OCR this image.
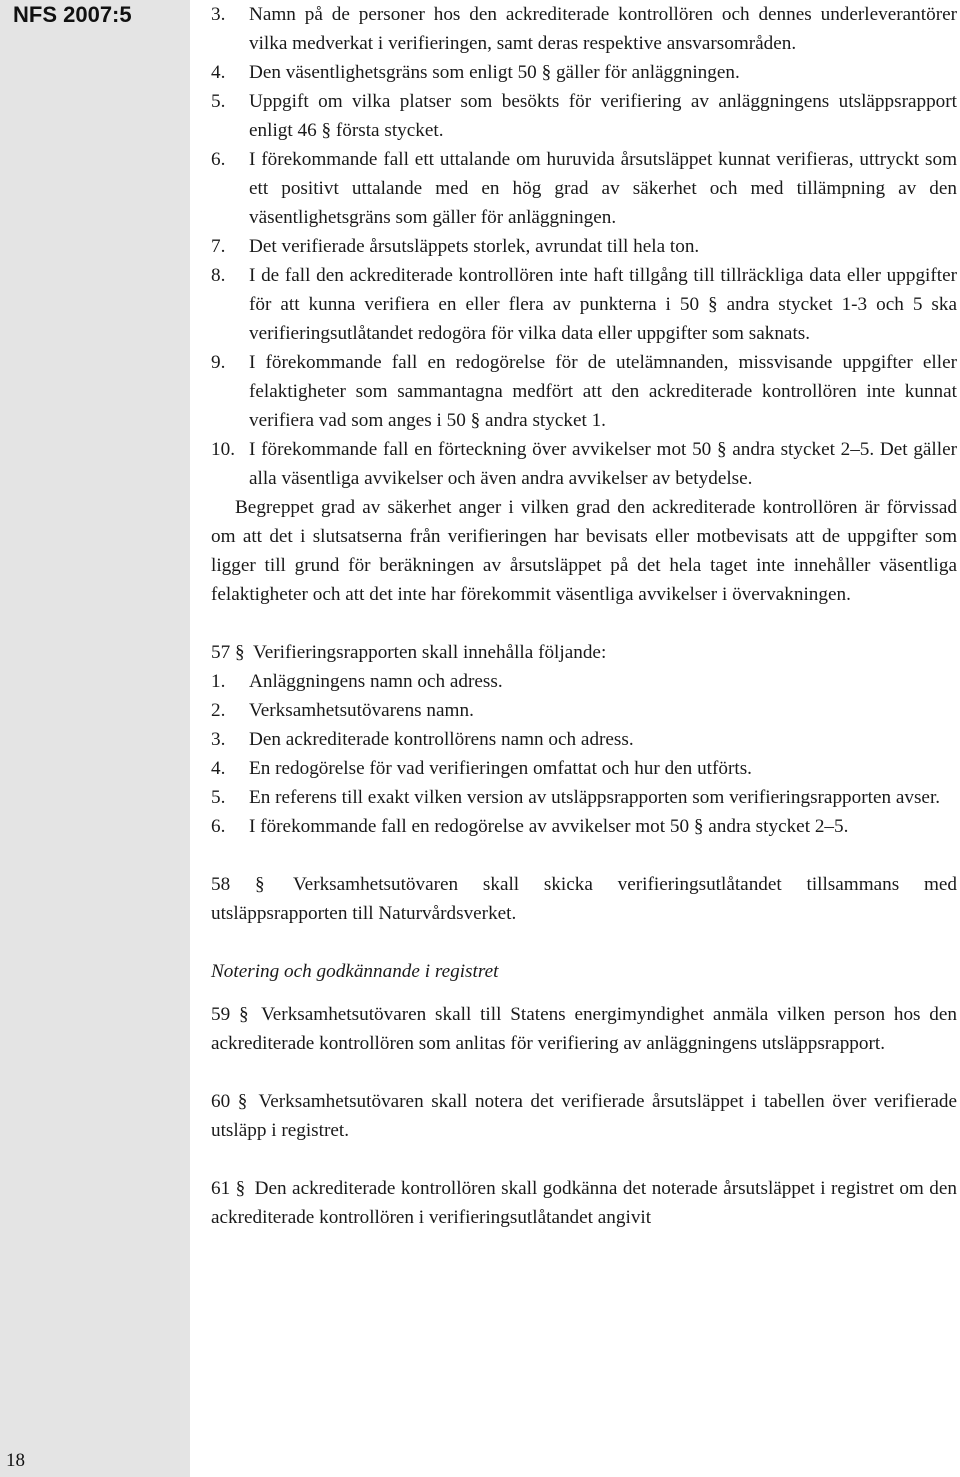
NFS 2007:5
18
3. Namn på de personer hos den ackrediterade kontrollören och dennes underleverantörer vilka medverkat i verifieringen, samt deras respektive ansvarsområden.
4. Den väsentlighetsgräns som enligt 50 § gäller för anläggningen.
5. Uppgift om vilka platser som besökts för verifiering av anläggningens utsläppsrapport enligt 46 § första stycket.
6. I förekommande fall ett uttalande om huruvida årsutsläppet kunnat verifieras, uttryckt som ett positivt uttalande med en hög grad av säkerhet och med tillämpning av den väsentlighetsgräns som gäller för anläggningen.
7. Det verifierade årsutsläppets storlek, avrundat till hela ton.
8. I de fall den ackrediterade kontrollören inte haft tillgång till tillräckliga data eller uppgifter för att kunna verifiera en eller flera av punkterna i 50 § andra stycket 1-3 och 5 ska verifieringsutlåtandet redogöra för vilka data eller uppgifter som saknats.
9. I förekommande fall en redogörelse för de utelämnanden, missvisande uppgifter eller felaktigheter som sammantagna medfört att den ackrediterade kontrollören inte kunnat verifiera vad som anges i 50 § andra stycket 1.
10. I förekommande fall en förteckning över avvikelser mot 50 § andra stycket 2–5. Det gäller alla väsentliga avvikelser och även andra avvikelser av betydelse.

Begreppet grad av säkerhet anger i vilken grad den ackrediterade kontrollören är förvissad om att det i slutsatserna från verifieringen har bevisats eller motbevisats att de uppgifter som ligger till grund för beräkningen av årsutsläppet på det hela taget inte innehåller väsentliga felaktigheter och att det inte har förekommit väsentliga avvikelser i övervakningen.

57 § Verifieringsrapporten skall innehålla följande:

1. Anläggningens namn och adress.
2. Verksamhetsutövarens namn.
3. Den ackrediterade kontrollörens namn och adress.
4. En redogörelse för vad verifieringen omfattat och hur den utförts.
5. En referens till exakt vilken version av utsläppsrapporten som verifieringsrapporten avser.
6. I förekommande fall en redogörelse av avvikelser mot 50 § andra stycket 2–5.

58 § Verksamhetsutövaren skall skicka verifieringsutlåtandet tillsammans med utsläppsrapporten till Naturvårdsverket.

Notering och godkännande i registret

59 § Verksamhetsutövaren skall till Statens energimyndighet anmäla vilken person hos den ackrediterade kontrollören som anlitas för verifiering av anläggningens utsläppsrapport.

60 § Verksamhetsutövaren skall notera det verifierade årsutsläppet i tabellen över verifierade utsläpp i registret.

61 § Den ackrediterade kontrollören skall godkänna det noterade årsutsläppet i registret om den ackrediterade kontrollören i verifieringsutlåtandet angivit
